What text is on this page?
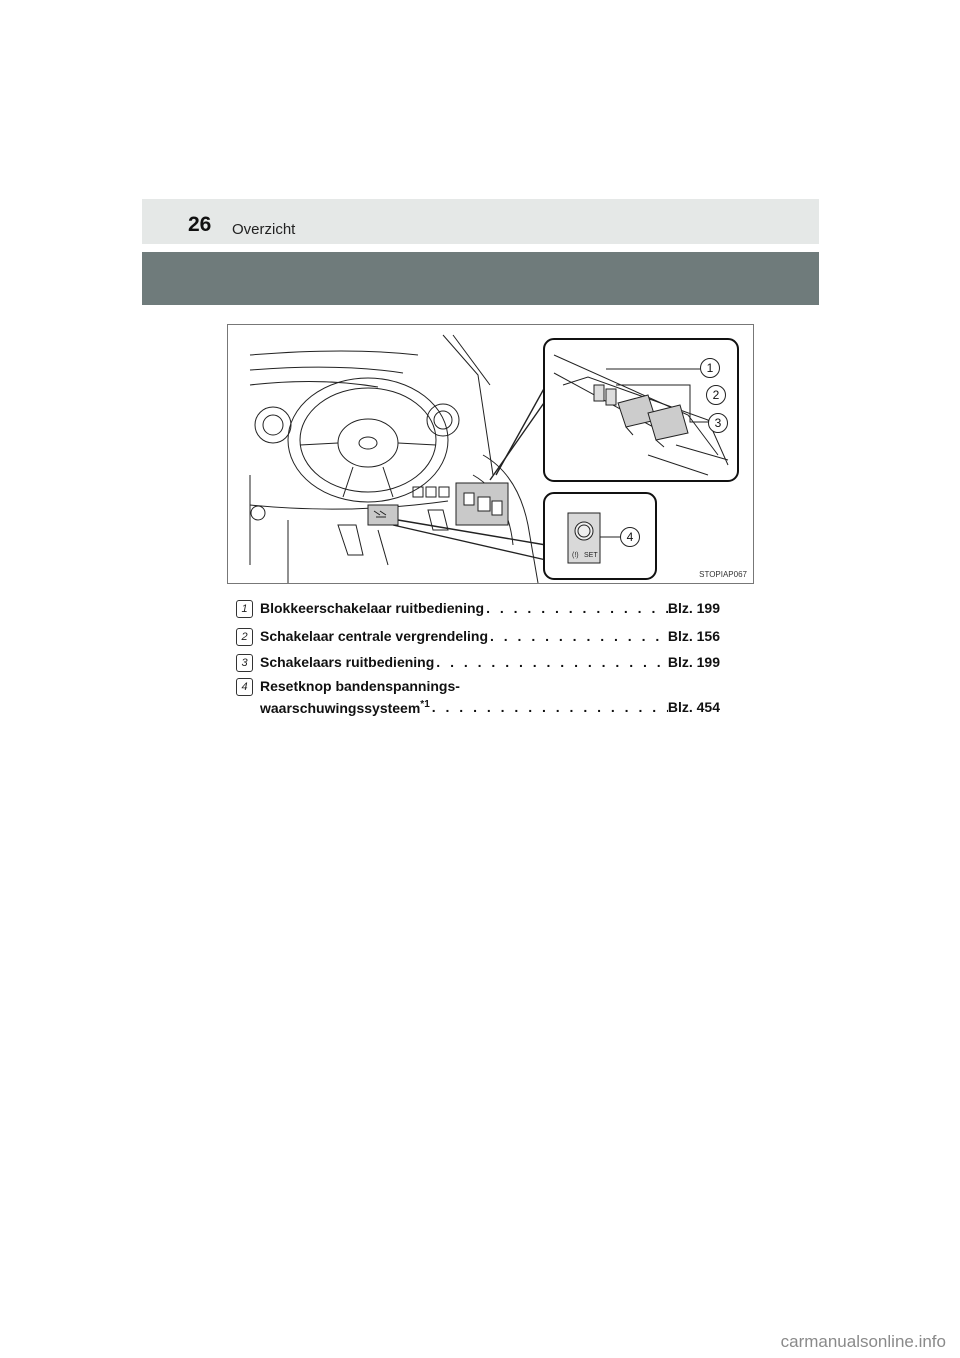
26 Overzicht
(!) SET
1
2
3
4
STOPIAP067
1 Blokkeerschakelaar ruitbediening . . .	Blz. 199
2 Schakelaar centrale vergrendeling . . .	Blz. 156
3 Schakelaars ruitbediening . . .	Blz. 199
4 Resetknop bandenspannings-
waarschuwingssysteem$^{*1}$ . . .	Blz. 454
carmanualsonline.info
